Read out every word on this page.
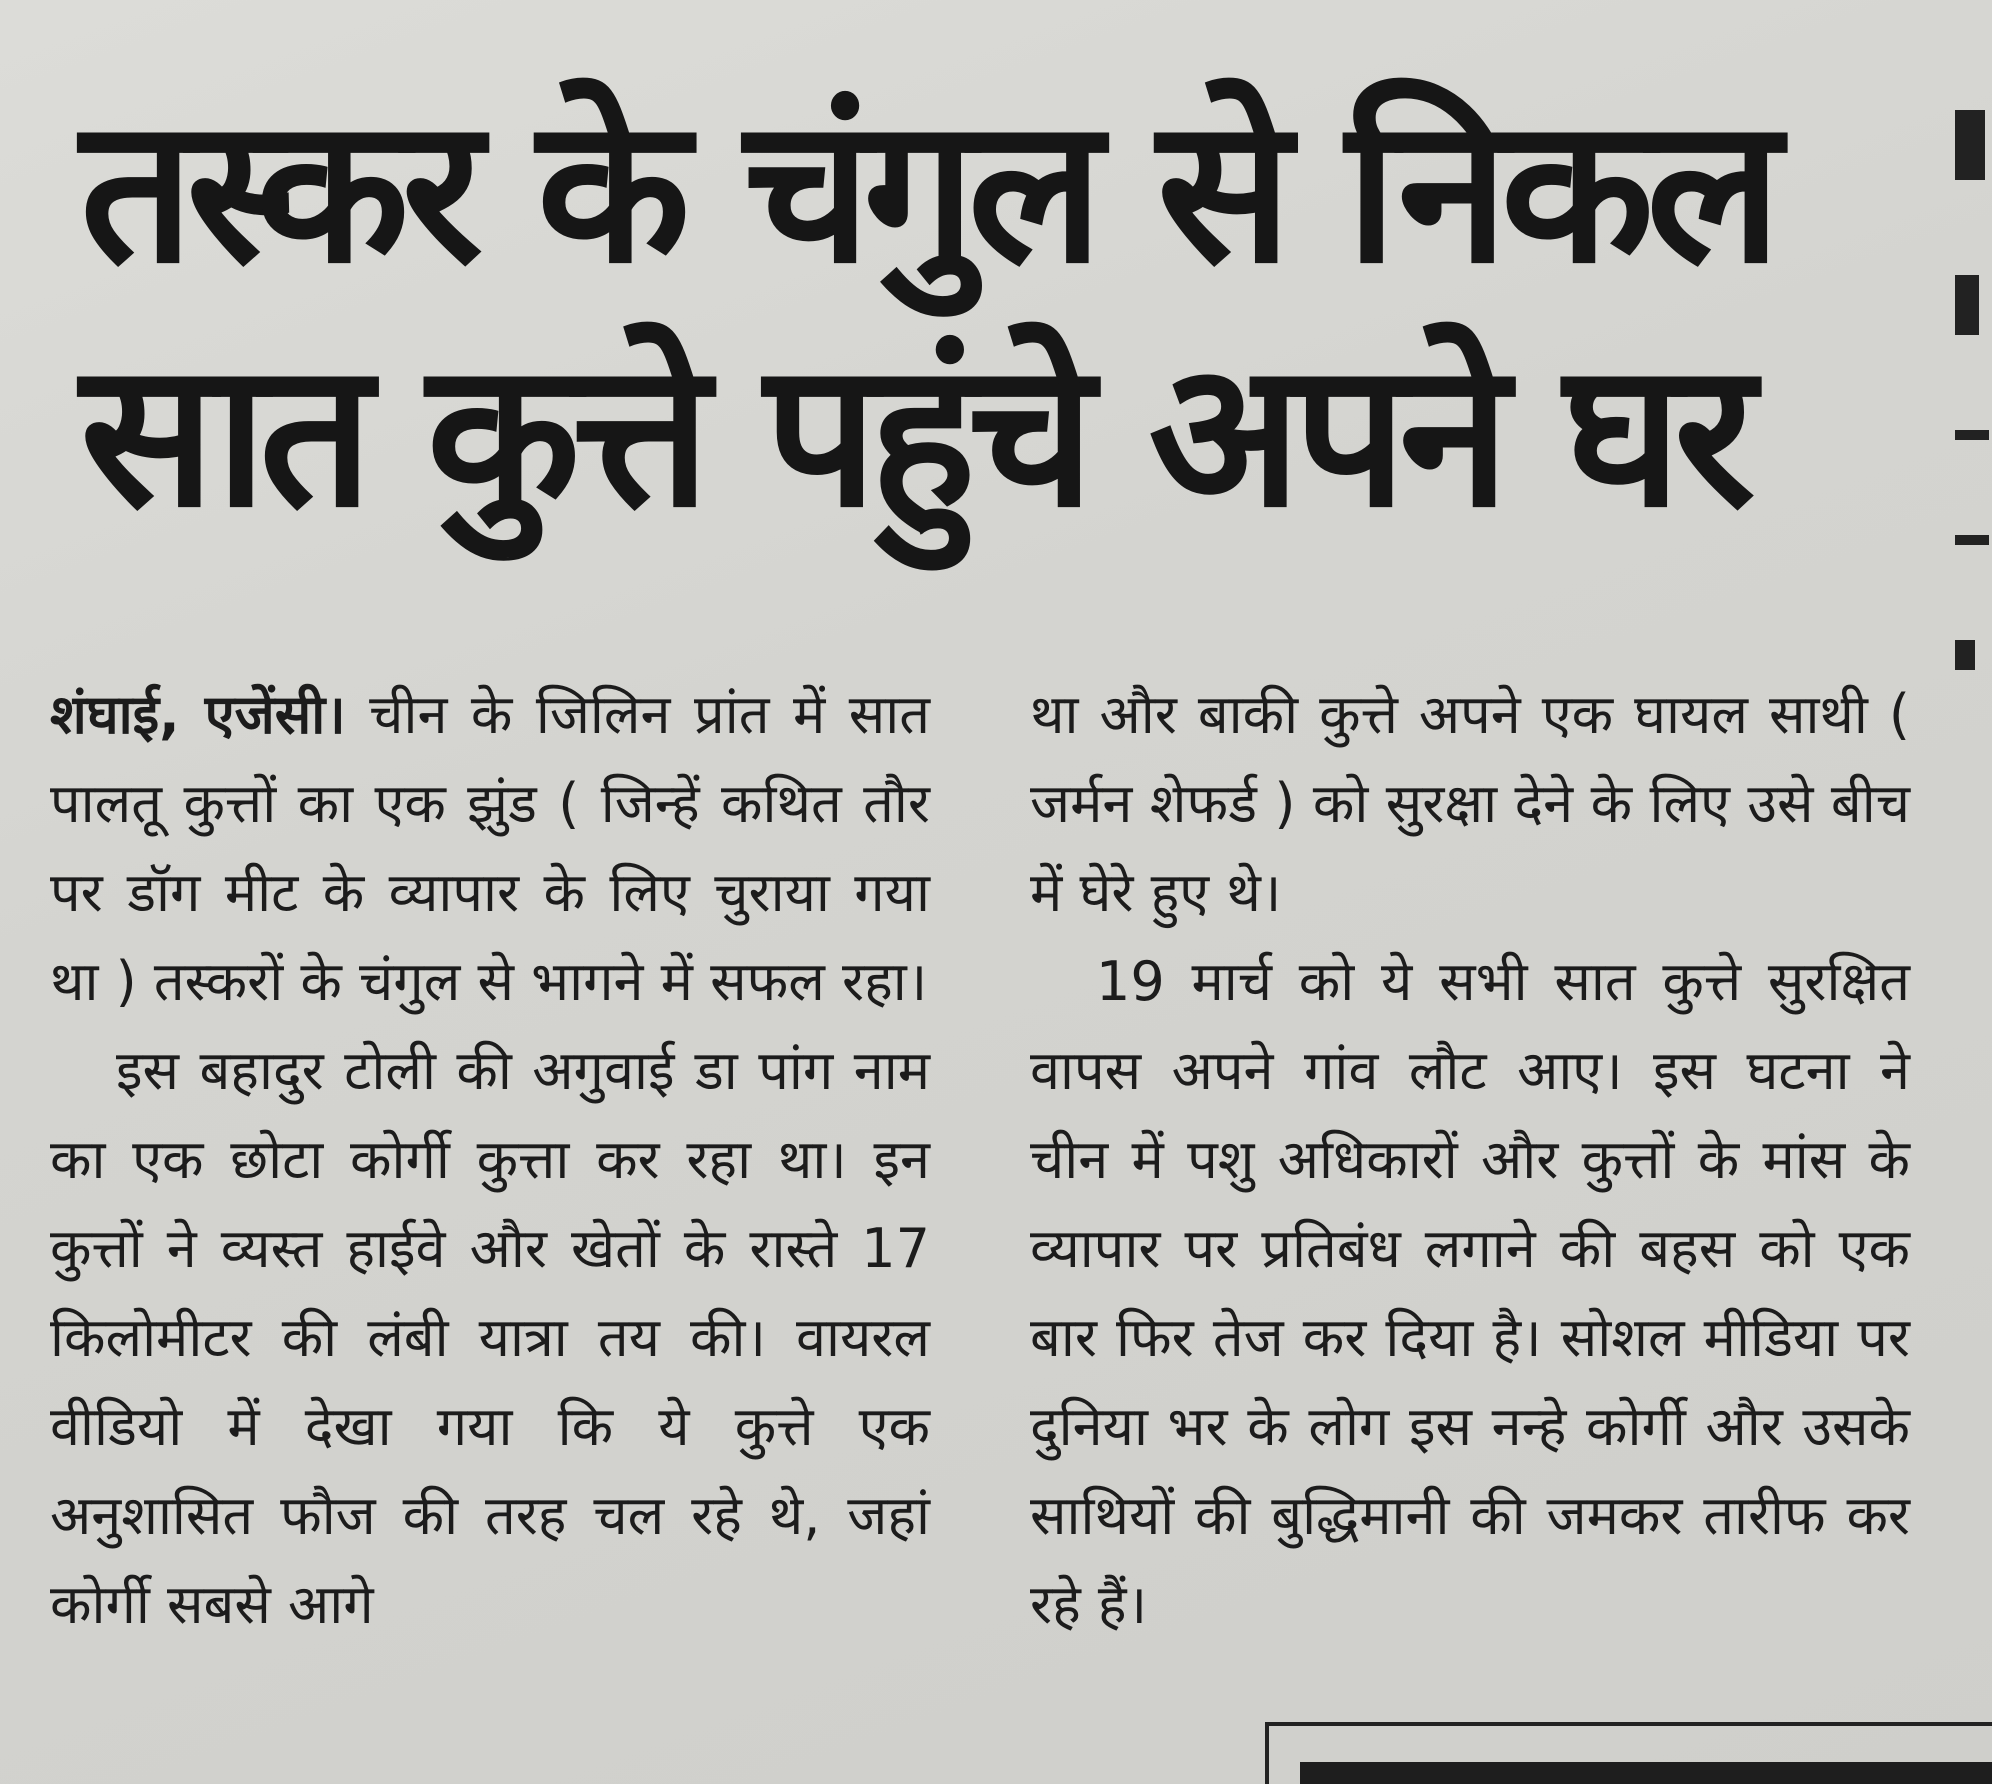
तस्कर के चंगुल से निकल
सात कुत्ते पहुंचे अपने घर

शंघाई, एजेंसी। चीन के जिलिन प्रांत में सात पालतू कुत्तों का एक झुंड ( जिन्हें कथित तौर पर डॉग मीट के व्यापार के लिए चुराया गया था ) तस्करों के चंगुल से भागने में सफल रहा।

इस बहादुर टोली की अगुवाई डा पांग नाम का एक छोटा कोर्गी कुत्ता कर रहा था। इन कुत्तों ने व्यस्त हाईवे और खेतों के रास्ते 17 किलोमीटर की लंबी यात्रा तय की। वायरल वीडियो में देखा गया कि ये कुत्ते एक अनुशासित फौज की तरह चल रहे थे, जहां कोर्गी सबसे आगे

था और बाकी कुत्ते अपने एक घायल साथी ( जर्मन शेफर्ड ) को सुरक्षा देने के लिए उसे बीच में घेरे हुए थे।

19 मार्च को ये सभी सात कुत्ते सुरक्षित वापस अपने गांव लौट आए। इस घटना ने चीन में पशु अधिकारों और कुत्तों के मांस के व्यापार पर प्रतिबंध लगाने की बहस को एक बार फिर तेज कर दिया है। सोशल मीडिया पर दुनिया भर के लोग इस नन्हे कोर्गी और उसके साथियों की बुद्धिमानी की जमकर तारीफ कर रहे हैं।
